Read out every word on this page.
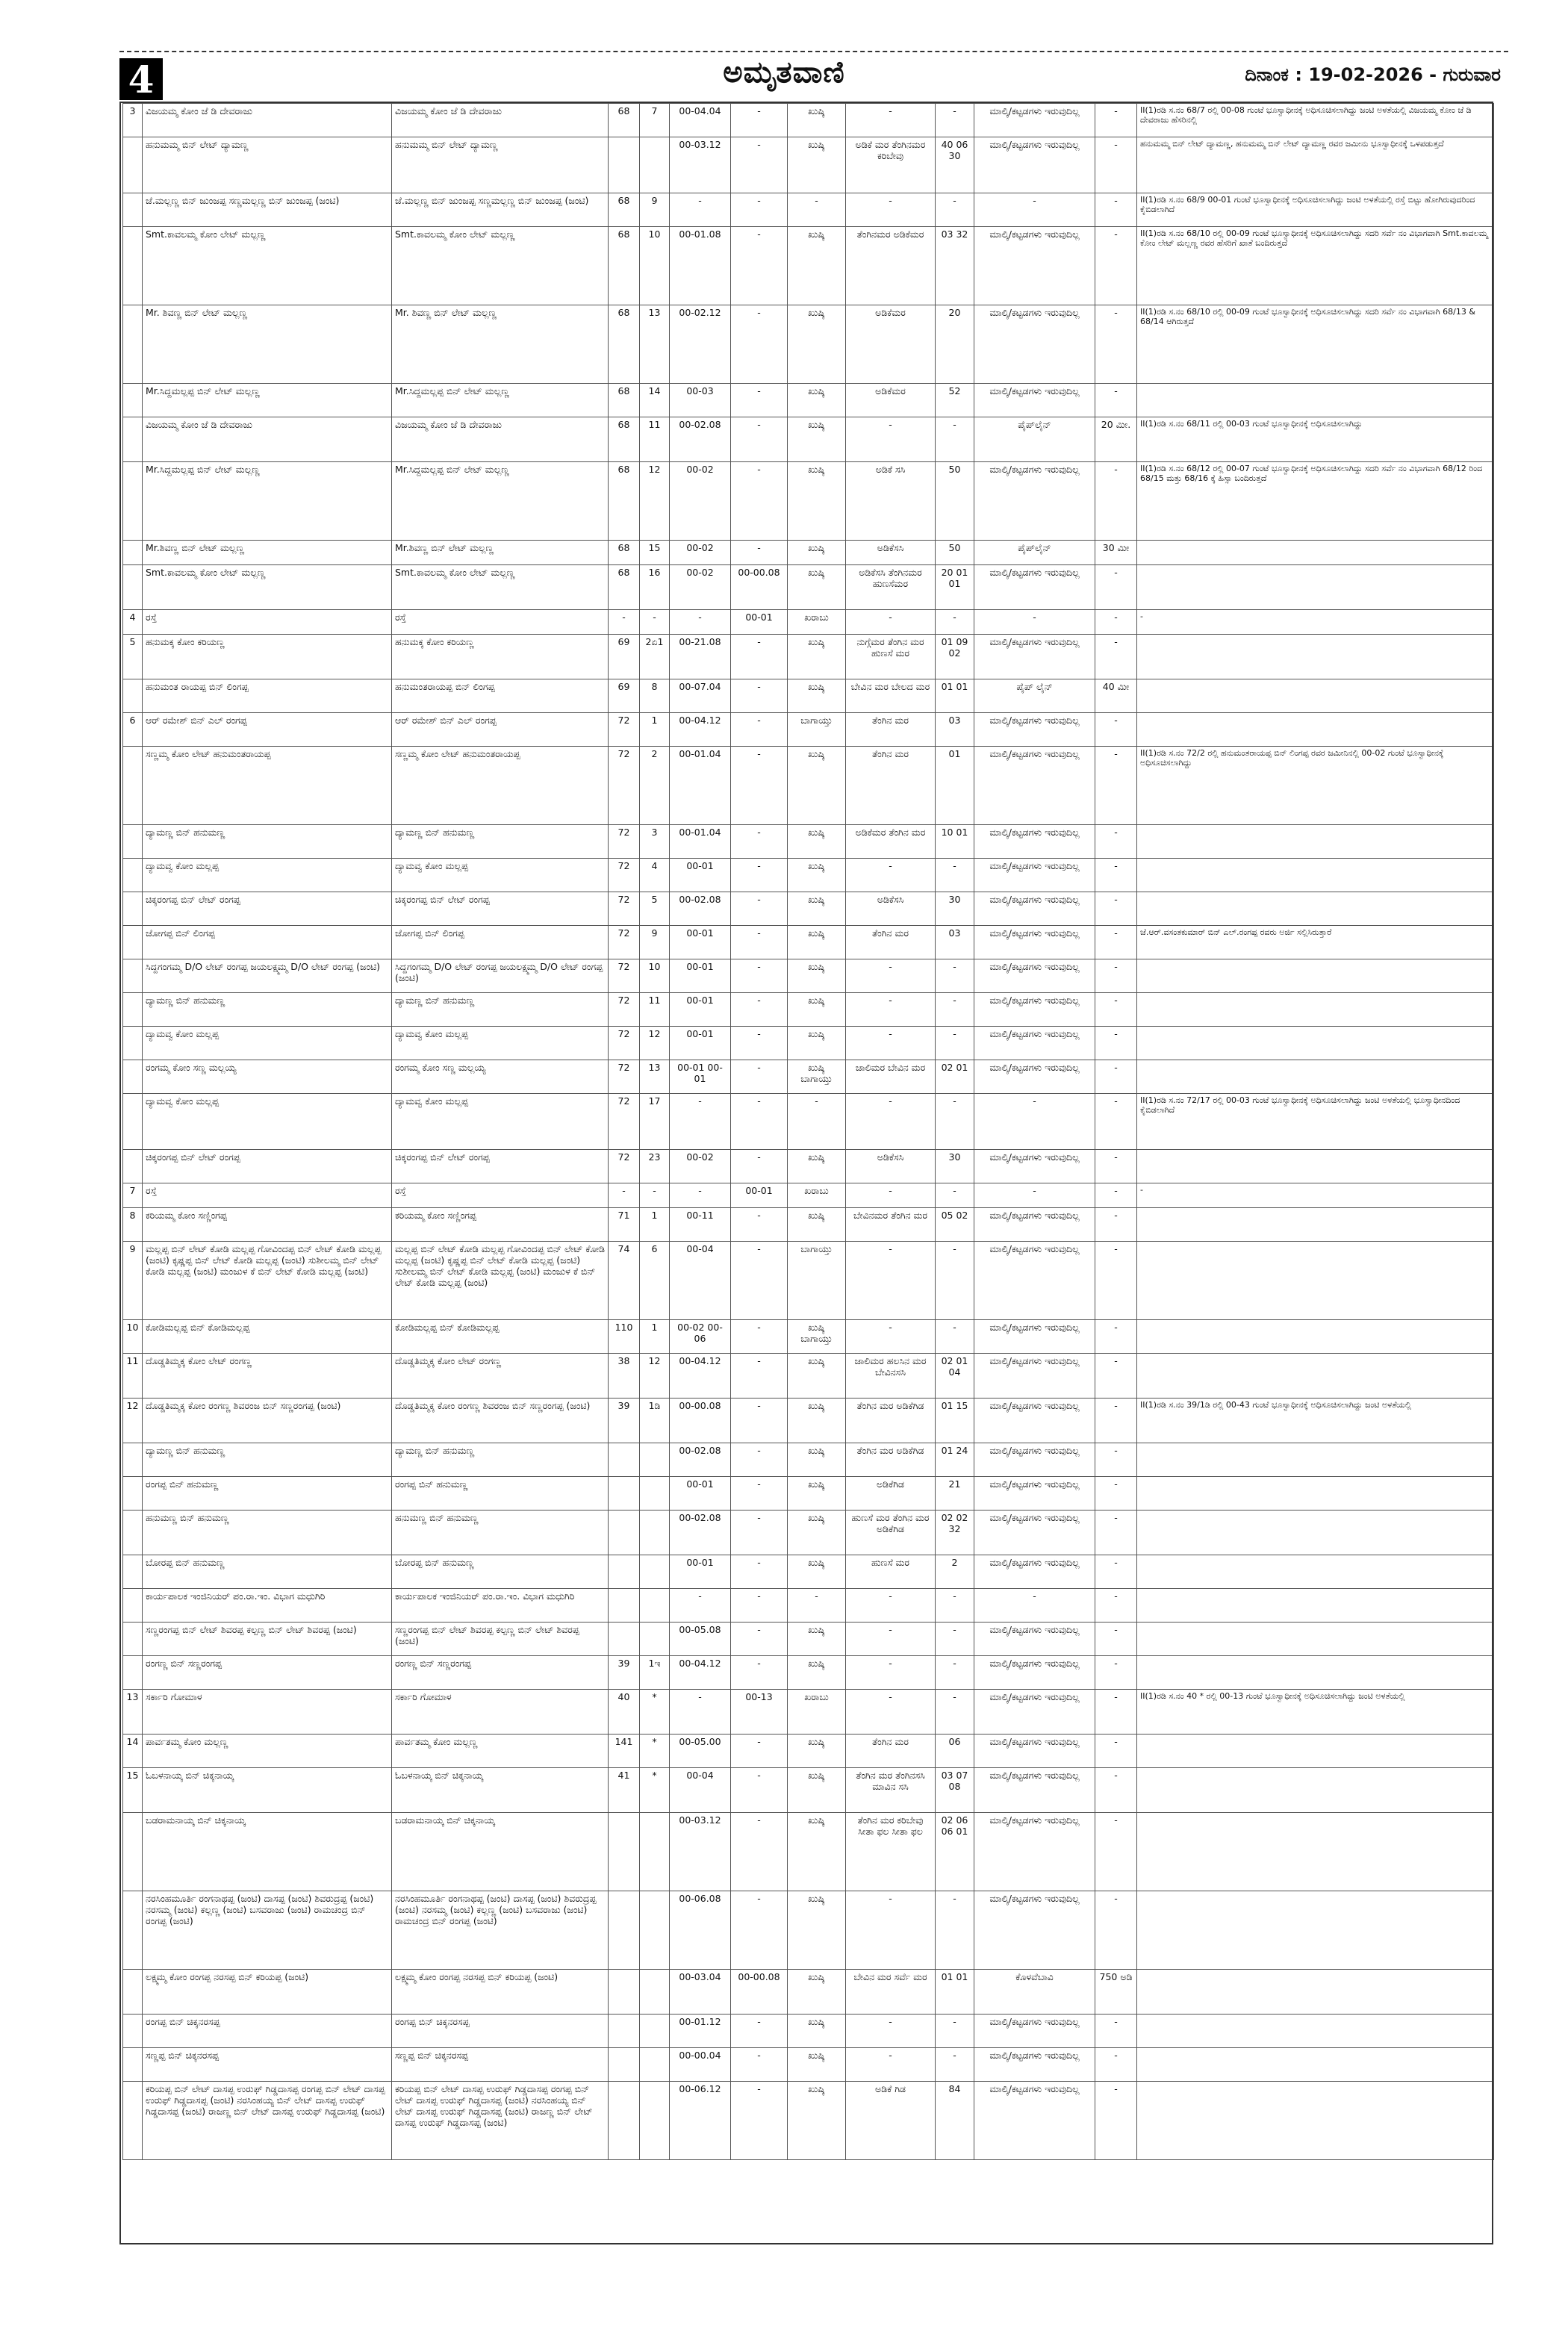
4	ಅಮೃತವಾಣಿ	ದಿನಾಂಕ : 19-02-2026 - ಗುರುವಾರ
3	ವಿಜಯಮ್ಮ ಕೋಂ ಜೆ ಡಿ ದೇವರಾಜು	ವಿಜಯಮ್ಮ ಕೋಂ ಜೆ ಡಿ ದೇವರಾಜು	68	7	00-04.04	-	ಖುಷ್ಕಿ	-	-	ಮಾಲ್ಕಿ/ಕಟ್ಟಡಗಳು ಇರುವುದಿಲ್ಲ	-	II(1)ರಡಿ ಸ.ನಂ 68/7 ರಲ್ಲಿ 00-08 ಗುಂಟೆ ಭೂಸ್ವಾಧೀನಕ್ಕೆ ಅಧಿಸೂಚಿಸಲಾಗಿದ್ದು ಜಂಟಿ ಅಳತೆಯಲ್ಲಿ ವಿಜಯಮ್ಮ ಕೋಂ ಜೆ ಡಿ ದೇವರಾಜು ಹೆಸರಿನಲ್ಲಿ
	ಹನುಮಮ್ಮ ಬಿನ್ ಲೇಟ್ ದ್ಯಾಮಣ್ಣ	ಹನುಮಮ್ಮ ಬಿನ್ ಲೇಟ್ ದ್ಯಾಮಣ್ಣ			00-03.12	-	ಖುಷ್ಕಿ	ಅಡಿಕೆ ಮರ ತೆಂಗಿನಮರ ಕರಿಬೇವು	40 06 30	ಮಾಲ್ಕಿ/ಕಟ್ಟಡಗಳು ಇರುವುದಿಲ್ಲ	-	ಹನುಮಮ್ಮ ಬಿನ್ ಲೇಟ್ ದ್ಯಾಮಣ್ಣ, ಹನುಮಮ್ಮ ಬಿನ್ ಲೇಟ್ ದ್ಯಾಮಣ್ಣ ರವರ ಜಮೀನು ಭೂಸ್ವಾಧೀನಕ್ಕೆ ಒಳಪಡುತ್ತದೆ
	ಜೆ.ಮಲ್ಲಣ್ಣ ಬಿನ್ ಜುಂಜಪ್ಪ ಸಣ್ಣಮಲ್ಲಣ್ಣ ಬಿನ್ ಜುಂಜಪ್ಪ (ಜಂಟಿ)	ಜೆ.ಮಲ್ಲಣ್ಣ ಬಿನ್ ಜುಂಜಪ್ಪ ಸಣ್ಣಮಲ್ಲಣ್ಣ ಬಿನ್ ಜುಂಜಪ್ಪ (ಜಂಟಿ)	68	9	-	-	-	-	-	-	-	II(1)ರಡಿ ಸ.ನಂ 68/9 00-01 ಗುಂಟೆ ಭೂಸ್ವಾಧೀನಕ್ಕೆ ಅಧಿಸೂಚಿಸಲಾಗಿದ್ದು ಜಂಟಿ ಅಳತೆಯಲ್ಲಿ ರಸ್ತೆ ಬಿಟ್ಟು ಹೋಗಿರುವುದರಿಂದ ಕೈಬಿಡಲಾಗಿದೆ
	Smt.ಕಾವಲಮ್ಮ ಕೋಂ ಲೇಟ್ ಮಲ್ಲಣ್ಣ	Smt.ಕಾವಲಮ್ಮ ಕೋಂ ಲೇಟ್ ಮಲ್ಲಣ್ಣ	68	10	00-01.08	-	ಖುಷ್ಕಿ	ತೆಂಗಿನಮರ ಅಡಿಕೆಮರ	03 32	ಮಾಲ್ಕಿ/ಕಟ್ಟಡಗಳು ಇರುವುದಿಲ್ಲ	-	II(1)ರಡಿ ಸ.ನಂ 68/10 ರಲ್ಲಿ 00-09 ಗುಂಟೆ ಭೂಸ್ವಾಧೀನಕ್ಕೆ ಅಧಿಸೂಚಿಸಲಾಗಿದ್ದು ಸದರಿ ಸರ್ವೆ ನಂ ವಿಭಾಗವಾಗಿ Smt.ಕಾವಲಮ್ಮ ಕೋಂ ಲೇಟ್ ಮಲ್ಲಣ್ಣ ರವರ ಹೆಸರಿಗೆ ಖಾತೆ ಬಂದಿರುತ್ತದೆ
	Mr. ಶಿವಣ್ಣ ಬಿನ್ ಲೇಟ್ ಮಲ್ಲಣ್ಣ	Mr. ಶಿವಣ್ಣ ಬಿನ್ ಲೇಟ್ ಮಲ್ಲಣ್ಣ	68	13	00-02.12	-	ಖುಷ್ಕಿ	ಅಡಿಕೆಮರ	20	ಮಾಲ್ಕಿ/ಕಟ್ಟಡಗಳು ಇರುವುದಿಲ್ಲ	-	II(1)ರಡಿ ಸ.ನಂ 68/10 ರಲ್ಲಿ 00-09 ಗುಂಟೆ ಭೂಸ್ವಾಧೀನಕ್ಕೆ ಅಧಿಸೂಚಿಸಲಾಗಿದ್ದು ಸದರಿ ಸರ್ವೆ ನಂ ವಿಭಾಗವಾಗಿ 68/13 & 68/14 ಆಗಿರುತ್ತದೆ
	Mr.ಸಿದ್ದಮಲ್ಲಪ್ಪ ಬಿನ್ ಲೇಟ್ ಮಲ್ಲಣ್ಣ	Mr.ಸಿದ್ದಮಲ್ಲಪ್ಪ ಬಿನ್ ಲೇಟ್ ಮಲ್ಲಣ್ಣ	68	14	00-03	-	ಖುಷ್ಕಿ	ಅಡಿಕೆಮರ	52	ಮಾಲ್ಕಿ/ಕಟ್ಟಡಗಳು ಇರುವುದಿಲ್ಲ	-	
	ವಿಜಯಮ್ಮ ಕೋಂ ಜೆ ಡಿ ದೇವರಾಜು	ವಿಜಯಮ್ಮ ಕೋಂ ಜೆ ಡಿ ದೇವರಾಜು	68	11	00-02.08	-	ಖುಷ್ಕಿ	-	-	ಪೈಪ್‌ಲೈನ್	20 ಮೀ.	II(1)ರಡಿ ಸ.ನಂ 68/11 ರಲ್ಲಿ 00-03 ಗುಂಟೆ ಭೂಸ್ವಾಧೀನಕ್ಕೆ ಅಧಿಸೂಚಿಸಲಾಗಿದ್ದು
	Mr.ಸಿದ್ದಮಲ್ಲಪ್ಪ ಬಿನ್ ಲೇಟ್ ಮಲ್ಲಣ್ಣ	Mr.ಸಿದ್ದಮಲ್ಲಪ್ಪ ಬಿನ್ ಲೇಟ್ ಮಲ್ಲಣ್ಣ	68	12	00-02	-	ಖುಷ್ಕಿ	ಅಡಿಕೆ ಸಸಿ	50	ಮಾಲ್ಕಿ/ಕಟ್ಟಡಗಳು ಇರುವುದಿಲ್ಲ	-	II(1)ರಡಿ ಸ.ನಂ 68/12 ರಲ್ಲಿ 00-07 ಗುಂಟೆ ಭೂಸ್ವಾಧೀನಕ್ಕೆ ಅಧಿಸೂಚಿಸಲಾಗಿದ್ದು ಸದರಿ ಸರ್ವೆ ನಂ ವಿಭಾಗವಾಗಿ 68/12 ರಿಂದ 68/15 ಮತ್ತು 68/16 ಕ್ಕೆ ಹಿಸ್ಸಾ ಬಂದಿರುತ್ತದೆ
	Mr.ಶಿವಣ್ಣ ಬಿನ್ ಲೇಟ್ ಮಲ್ಲಣ್ಣ	Mr.ಶಿವಣ್ಣ ಬಿನ್ ಲೇಟ್ ಮಲ್ಲಣ್ಣ	68	15	00-02	-	ಖುಷ್ಕಿ	ಅಡಿಕೆಸಸಿ	50	ಪೈಪ್‌ಲೈನ್	30 ಮೀ	
	Smt.ಕಾವಲಮ್ಮ ಕೋಂ ಲೇಟ್ ಮಲ್ಲಣ್ಣ	Smt.ಕಾವಲಮ್ಮ ಕೋಂ ಲೇಟ್ ಮಲ್ಲಣ್ಣ	68	16	00-02	00-00.08	ಖುಷ್ಕಿ	ಅಡಿಕೆಸಸಿ ತೆಂಗಿನಮರ ಹುಣಸೆಮರ	20 01 01	ಮಾಲ್ಕಿ/ಕಟ್ಟಡಗಳು ಇರುವುದಿಲ್ಲ	-	
4	ರಸ್ತೆ	ರಸ್ತೆ	-	-	-	00-01	ಖರಾಬು	-	-	-	-	-
5	ಹನುಮಕ್ಕ ಕೋಂ ಕರಿಯಣ್ಣ	ಹನುಮಕ್ಕ ಕೋಂ ಕರಿಯಣ್ಣ	69	2ಏ1	00-21.08	-	ಖುಷ್ಕಿ	ನುಗ್ಗೆಮರ ತೆಂಗಿನ ಮರ ಹುಣಸೆ ಮರ	01 09 02	ಮಾಲ್ಕಿ/ಕಟ್ಟಡಗಳು ಇರುವುದಿಲ್ಲ	-	
	ಹನುಮಂತ ರಾಯಪ್ಪ ಬಿನ್ ಲಿಂಗಪ್ಪ	ಹನುಮಂತರಾಯಪ್ಪ ಬಿನ್ ಲಿಂಗಪ್ಪ	69	8	00-07.04	-	ಖುಷ್ಕಿ	ಬೇವಿನ ಮರ ಬೇಲದ ಮರ	01 01	ಪೈಪ್ ಲೈನ್	40 ಮೀ	
6	ಆರ್ ರಮೇಶ್ ಬಿನ್ ಎಲ್ ರಂಗಪ್ಪ	ಆರ್ ರಮೇಶ್ ಬಿನ್ ಎಲ್ ರಂಗಪ್ಪ	72	1	00-04.12	-	ಬಾಗಾಯ್ತು	ತೆಂಗಿನ ಮರ	03	ಮಾಲ್ಕಿ/ಕಟ್ಟಡಗಳು ಇರುವುದಿಲ್ಲ	-	
	ಸಣ್ಣಮ್ಮ ಕೋಂ ಲೇಟ್ ಹನುಮಂತರಾಯಪ್ಪ	ಸಣ್ಣಮ್ಮ ಕೋಂ ಲೇಟ್ ಹನುಮಂತರಾಯಪ್ಪ	72	2	00-01.04	-	ಖುಷ್ಕಿ	ತೆಂಗಿನ ಮರ	01	ಮಾಲ್ಕಿ/ಕಟ್ಟಡಗಳು ಇರುವುದಿಲ್ಲ	-	II(1)ರಡಿ ಸ.ನಂ 72/2 ರಲ್ಲಿ ಹನುಮಂತರಾಯಪ್ಪ ಬಿನ್ ಲಿಂಗಪ್ಪ ರವರ ಜಮೀನಿನಲ್ಲಿ 00-02 ಗುಂಟೆ ಭೂಸ್ವಾಧೀನಕ್ಕೆ ಅಧಿಸೂಚಿಸಲಾಗಿದ್ದು
	ದ್ಯಾಮಣ್ಣ ಬಿನ್ ಹನುಮಣ್ಣ	ದ್ಯಾಮಣ್ಣ ಬಿನ್ ಹನುಮಣ್ಣ	72	3	00-01.04	-	ಖುಷ್ಕಿ	ಅಡಿಕೆಮರ ತೆಂಗಿನ ಮರ	10 01	ಮಾಲ್ಕಿ/ಕಟ್ಟಡಗಳು ಇರುವುದಿಲ್ಲ	-	
	ದ್ಯಾಮವ್ವ ಕೋಂ ಮಲ್ಲಪ್ಪ	ದ್ಯಾಮವ್ವ ಕೋಂ ಮಲ್ಲಪ್ಪ	72	4	00-01	-	ಖುಷ್ಕಿ	-	-	ಮಾಲ್ಕಿ/ಕಟ್ಟಡಗಳು ಇರುವುದಿಲ್ಲ	-	
	ಚಿಕ್ಕರಂಗಪ್ಪ ಬಿನ್ ಲೇಟ್ ರಂಗಪ್ಪ	ಚಿಕ್ಕರಂಗಪ್ಪ ಬಿನ್ ಲೇಟ್ ರಂಗಪ್ಪ	72	5	00-02.08	-	ಖುಷ್ಕಿ	ಅಡಿಕೆಸಸಿ	30	ಮಾಲ್ಕಿ/ಕಟ್ಟಡಗಳು ಇರುವುದಿಲ್ಲ	-	
	ಜೋಗಪ್ಪ ಬಿನ್ ಲಿಂಗಪ್ಪ	ಜೋಗಪ್ಪ ಬಿನ್ ಲಿಂಗಪ್ಪ	72	9	00-01	-	ಖುಷ್ಕಿ	ತೆಂಗಿನ ಮರ	03	ಮಾಲ್ಕಿ/ಕಟ್ಟಡಗಳು ಇರುವುದಿಲ್ಲ	-	ಜೆ.ಆರ್.ವಸಂತಕುಮಾರ್ ಬಿನ್ ಎಲ್.ರಂಗಪ್ಪ ರವರು ಅರ್ಜಿ ಸಲ್ಲಿಸಿರುತ್ತಾರೆ
	ಸಿದ್ದಗಂಗಮ್ಮ D/O ಲೇಟ್ ರಂಗಪ್ಪ ಜಯಲಕ್ಷ್ಮಮ್ಮ D/O ಲೇಟ್ ರಂಗಪ್ಪ (ಜಂಟಿ)	ಸಿದ್ದಗಂಗಮ್ಮ D/O ಲೇಟ್ ರಂಗಪ್ಪ ಜಯಲಕ್ಷ್ಮಮ್ಮ D/O ಲೇಟ್ ರಂಗಪ್ಪ (ಜಂಟಿ)	72	10	00-01	-	ಖುಷ್ಕಿ	-	-	ಮಾಲ್ಕಿ/ಕಟ್ಟಡಗಳು ಇರುವುದಿಲ್ಲ	-	
	ದ್ಯಾಮಣ್ಣ ಬಿನ್ ಹನುಮಣ್ಣ	ದ್ಯಾಮಣ್ಣ ಬಿನ್ ಹನುಮಣ್ಣ	72	11	00-01	-	ಖುಷ್ಕಿ	-	-	ಮಾಲ್ಕಿ/ಕಟ್ಟಡಗಳು ಇರುವುದಿಲ್ಲ	-	
	ದ್ಯಾಮವ್ವ ಕೋಂ ಮಲ್ಲಪ್ಪ	ದ್ಯಾಮವ್ವ ಕೋಂ ಮಲ್ಲಪ್ಪ	72	12	00-01	-	ಖುಷ್ಕಿ	-	-	ಮಾಲ್ಕಿ/ಕಟ್ಟಡಗಳು ಇರುವುದಿಲ್ಲ	-	
	ರಂಗಮ್ಮ ಕೋಂ ಸಣ್ಣ ಮಲ್ಲಯ್ಯ	ರಂಗಮ್ಮ ಕೋಂ ಸಣ್ಣ ಮಲ್ಲಯ್ಯ	72	13	00-01 00-01	-	ಖುಷ್ಕಿ ಬಾಗಾಯ್ತು	ಜಾಲಿಮರ ಬೇವಿನ ಮರ	02 01	ಮಾಲ್ಕಿ/ಕಟ್ಟಡಗಳು ಇರುವುದಿಲ್ಲ	-	
	ದ್ಯಾಮವ್ವ ಕೋಂ ಮಲ್ಲಪ್ಪ	ದ್ಯಾಮವ್ವ ಕೋಂ ಮಲ್ಲಪ್ಪ	72	17	-	-	-	-	-	-	-	II(1)ರಡಿ ಸ.ನಂ 72/17 ರಲ್ಲಿ 00-03 ಗುಂಟೆ ಭೂಸ್ವಾಧೀನಕ್ಕೆ ಅಧಿಸೂಚಿಸಲಾಗಿದ್ದು ಜಂಟಿ ಅಳತೆಯಲ್ಲಿ ಭೂಸ್ವಾಧೀನದಿಂದ ಕೈಬಿಡಲಾಗಿದೆ
	ಚಿಕ್ಕರಂಗಪ್ಪ ಬಿನ್ ಲೇಟ್ ರಂಗಪ್ಪ	ಚಿಕ್ಕರಂಗಪ್ಪ ಬಿನ್ ಲೇಟ್ ರಂಗಪ್ಪ	72	23	00-02	-	ಖುಷ್ಕಿ	ಅಡಿಕೆಸಸಿ	30	ಮಾಲ್ಕಿ/ಕಟ್ಟಡಗಳು ಇರುವುದಿಲ್ಲ	-	
7	ರಸ್ತೆ	ರಸ್ತೆ	-	-	-	00-01	ಖರಾಬು	-	-	-	-	-
8	ಕರಿಯಮ್ಮ ಕೋಂ ಸಣ್ಣಿಂಗಪ್ಪ	ಕರಿಯಮ್ಮ ಕೋಂ ಸಣ್ಣಿಂಗಪ್ಪ	71	1	00-11	-	ಖುಷ್ಕಿ	ಬೇವಿನಮರ ತೆಂಗಿನ ಮರ	05 02	ಮಾಲ್ಕಿ/ಕಟ್ಟಡಗಳು ಇರುವುದಿಲ್ಲ	-	
9	ಮಲ್ಲಪ್ಪ ಬಿನ್ ಲೇಟ್ ಕೋಡಿ ಮಲ್ಲಪ್ಪ ಗೋವಿಂದಪ್ಪ ಬಿನ್ ಲೇಟ್ ಕೋಡಿ ಮಲ್ಲಪ್ಪ (ಜಂಟಿ) ಕೃಷ್ಣಪ್ಪ ಬಿನ್ ಲೇಟ್ ಕೋಡಿ ಮಲ್ಲಪ್ಪ (ಜಂಟಿ) ಸುಶೀಲಮ್ಮ ಬಿನ್ ಲೇಟ್ ಕೋಡಿ ಮಲ್ಲಪ್ಪ (ಜಂಟಿ) ಮಂಜುಳ ಕೆ ಬಿನ್ ಲೇಟ್ ಕೋಡಿ ಮಲ್ಲಪ್ಪ (ಜಂಟಿ)	ಮಲ್ಲಪ್ಪ ಬಿನ್ ಲೇಟ್ ಕೋಡಿ ಮಲ್ಲಪ್ಪ ಗೋವಿಂದಪ್ಪ ಬಿನ್ ಲೇಟ್ ಕೋಡಿ ಮಲ್ಲಪ್ಪ (ಜಂಟಿ) ಕೃಷ್ಣಪ್ಪ ಬಿನ್ ಲೇಟ್ ಕೋಡಿ ಮಲ್ಲಪ್ಪ (ಜಂಟಿ) ಸುಶೀಲಮ್ಮ ಬಿನ್ ಲೇಟ್ ಕೋಡಿ ಮಲ್ಲಪ್ಪ (ಜಂಟಿ) ಮಂಜುಳ ಕೆ ಬಿನ್ ಲೇಟ್ ಕೋಡಿ ಮಲ್ಲಪ್ಪ (ಜಂಟಿ)	74	6	00-04	-	ಬಾಗಾಯ್ತು	-	-	ಮಾಲ್ಕಿ/ಕಟ್ಟಡಗಳು ಇರುವುದಿಲ್ಲ	-	
10	ಕೋಡಿಮಲ್ಲಪ್ಪ ಬಿನ್ ಕೋಡಿಮಲ್ಲಪ್ಪ	ಕೋಡಿಮಲ್ಲಪ್ಪ ಬಿನ್ ಕೋಡಿಮಲ್ಲಪ್ಪ	110	1	00-02 00-06	-	ಖುಷ್ಕಿ ಬಾಗಾಯ್ತು	-	-	ಮಾಲ್ಕಿ/ಕಟ್ಟಡಗಳು ಇರುವುದಿಲ್ಲ	-	
11	ದೊಡ್ಡತಿಮ್ಮಕ್ಕ ಕೋಂ ಲೇಟ್ ರಂಗಣ್ಣ	ದೊಡ್ಡತಿಮ್ಮಕ್ಕ ಕೋಂ ಲೇಟ್ ರಂಗಣ್ಣ	38	12	00-04.12	-	ಖುಷ್ಕಿ	ಜಾಲಿಮರ ಹಲಸಿನ ಮರ ಬೇವಿನಸಸಿ	02 01 04	ಮಾಲ್ಕಿ/ಕಟ್ಟಡಗಳು ಇರುವುದಿಲ್ಲ	-	
12	ದೊಡ್ಡತಿಮ್ಮಕ್ಕ ಕೋಂ ರಂಗಣ್ಣ ಶಿವರಂಜ ಬಿನ್ ಸಣ್ಣರಂಗಪ್ಪ (ಜಂಟಿ)	ದೊಡ್ಡತಿಮ್ಮಕ್ಕ ಕೋಂ ರಂಗಣ್ಣ ಶಿವರಂಜ ಬಿನ್ ಸಣ್ಣರಂಗಪ್ಪ (ಜಂಟಿ)	39	1ಡಿ	00-00.08	-	ಖುಷ್ಕಿ	ತೆಂಗಿನ ಮರ ಅಡಿಕೆಗಿಡ	01 15	ಮಾಲ್ಕಿ/ಕಟ್ಟಡಗಳು ಇರುವುದಿಲ್ಲ	-	II(1)ರಡಿ ಸ.ನಂ 39/1ಡಿ ರಲ್ಲಿ 00-43 ಗುಂಟೆ ಭೂಸ್ವಾಧೀನಕ್ಕೆ ಅಧಿಸೂಚಿಸಲಾಗಿದ್ದು ಜಂಟಿ ಅಳತೆಯಲ್ಲಿ
	ದ್ಯಾಮಣ್ಣ ಬಿನ್ ಹನುಮಣ್ಣ	ದ್ಯಾಮಣ್ಣ ಬಿನ್ ಹನುಮಣ್ಣ			00-02.08	-	ಖುಷ್ಕಿ	ತೆಂಗಿನ ಮರ ಅಡಿಕೆಗಿಡ	01 24	ಮಾಲ್ಕಿ/ಕಟ್ಟಡಗಳು ಇರುವುದಿಲ್ಲ	-	
	ರಂಗಪ್ಪ ಬಿನ್ ಹನುಮಣ್ಣ	ರಂಗಪ್ಪ ಬಿನ್ ಹನುಮಣ್ಣ			00-01	-	ಖುಷ್ಕಿ	ಅಡಿಕೆಗಿಡ	21	ಮಾಲ್ಕಿ/ಕಟ್ಟಡಗಳು ಇರುವುದಿಲ್ಲ	-	
	ಹನುಮಣ್ಣ ಬಿನ್ ಹನುಮಣ್ಣ	ಹನುಮಣ್ಣ ಬಿನ್ ಹನುಮಣ್ಣ			00-02.08	-	ಖುಷ್ಕಿ	ಹುಣಸೆ ಮರ ತೆಂಗಿನ ಮರ ಅಡಿಕೆಗಿಡ	02 02 32	ಮಾಲ್ಕಿ/ಕಟ್ಟಡಗಳು ಇರುವುದಿಲ್ಲ	-	
	ಬೋರಪ್ಪ ಬಿನ್ ಹನುಮಣ್ಣ	ಬೋರಪ್ಪ ಬಿನ್ ಹನುಮಣ್ಣ			00-01	-	ಖುಷ್ಕಿ	ಹುಣಸೆ ಮರ	2	ಮಾಲ್ಕಿ/ಕಟ್ಟಡಗಳು ಇರುವುದಿಲ್ಲ	-	
	ಕಾರ್ಯಪಾಲಕ ಇಂಜಿನಿಯರ್ ಪಂ.ರಾ.ಇಂ. ವಿಭಾಗ ಮಧುಗಿರಿ	ಕಾರ್ಯಪಾಲಕ ಇಂಜಿನಿಯರ್ ಪಂ.ರಾ.ಇಂ. ವಿಭಾಗ ಮಧುಗಿರಿ			-	-	-	-	-	-	-	
	ಸಣ್ಣರಂಗಪ್ಪ ಬಿನ್ ಲೇಟ್ ಶಿವರಪ್ಪ ಕಲ್ಪಣ್ಣ ಬಿನ್ ಲೇಟ್ ಶಿವರಪ್ಪ (ಜಂಟಿ)	ಸಣ್ಣರಂಗಪ್ಪ ಬಿನ್ ಲೇಟ್ ಶಿವರಪ್ಪ ಕಲ್ಪಣ್ಣ ಬಿನ್ ಲೇಟ್ ಶಿವರಪ್ಪ (ಜಂಟಿ)			00-05.08	-	ಖುಷ್ಕಿ	-	-	ಮಾಲ್ಕಿ/ಕಟ್ಟಡಗಳು ಇರುವುದಿಲ್ಲ	-	
	ರಂಗಣ್ಣ ಬಿನ್ ಸಣ್ಣರಂಗಪ್ಪ	ರಂಗಣ್ಣ ಬಿನ್ ಸಣ್ಣರಂಗಪ್ಪ	39	1ಇ	00-04.12	-	ಖುಷ್ಕಿ	-	-	ಮಾಲ್ಕಿ/ಕಟ್ಟಡಗಳು ಇರುವುದಿಲ್ಲ	-	
13	ಸರ್ಕಾರಿ ಗೋಮಾಳ	ಸರ್ಕಾರಿ ಗೋಮಾಳ	40	*	-	00-13	ಖರಾಬು	-	-	ಮಾಲ್ಕಿ/ಕಟ್ಟಡಗಳು ಇರುವುದಿಲ್ಲ	-	II(1)ರಡಿ ಸ.ನಂ 40 * ರಲ್ಲಿ 00-13 ಗುಂಟೆ ಭೂಸ್ವಾಧೀನಕ್ಕೆ ಅಧಿಸೂಚಿಸಲಾಗಿದ್ದು ಜಂಟಿ ಅಳತೆಯಲ್ಲಿ
14	ಪಾರ್ವತಮ್ಮ ಕೋಂ ಮಲ್ಲಣ್ಣ	ಪಾರ್ವತಮ್ಮ ಕೋಂ ಮಲ್ಲಣ್ಣ	141	*	00-05.00	-	ಖುಷ್ಕಿ	ತೆಂಗಿನ ಮರ	06	ಮಾಲ್ಕಿ/ಕಟ್ಟಡಗಳು ಇರುವುದಿಲ್ಲ	-	
15	ಓಬಳನಾಯ್ಕ ಬಿನ್ ಚಿಕ್ಕನಾಯ್ಕ	ಓಬಳನಾಯ್ಕ ಬಿನ್ ಚಿಕ್ಕನಾಯ್ಕ	41	*	00-04	-	ಖುಷ್ಕಿ	ತೆಂಗಿನ ಮರ ತೆಂಗಿನಸಸಿ ಮಾವಿನ ಸಸಿ	03 07 08	ಮಾಲ್ಕಿ/ಕಟ್ಟಡಗಳು ಇರುವುದಿಲ್ಲ	-	
	ಬಡರಾಮನಾಯ್ಕ ಬಿನ್ ಚಿಕ್ಕನಾಯ್ಕ	ಬಡರಾಮನಾಯ್ಕ ಬಿನ್ ಚಿಕ್ಕನಾಯ್ಕ			00-03.12	-	ಖುಷ್ಕಿ	ತೆಂಗಿನ ಮರ ಕರಿಬೇವು ಸೀತಾ ಫಲ ಸೀತಾ ಫಲ	02 06 06 01	ಮಾಲ್ಕಿ/ಕಟ್ಟಡಗಳು ಇರುವುದಿಲ್ಲ	-	
	ನರಸಿಂಹಮೂರ್ತಿ ರಂಗನಾಥಪ್ಪ (ಜಂಟಿ) ದಾಸಪ್ಪ (ಜಂಟಿ) ಶಿವರುದ್ರಪ್ಪ (ಜಂಟಿ) ನರಸಮ್ಮ (ಜಂಟಿ) ಕಲ್ಲಣ್ಣ (ಜಂಟಿ) ಬಸವರಾಜು (ಜಂಟಿ) ರಾಮಚಂದ್ರ ಬಿನ್ ರಂಗಪ್ಪ (ಜಂಟಿ)	ನರಸಿಂಹಮೂರ್ತಿ ರಂಗನಾಥಪ್ಪ (ಜಂಟಿ) ದಾಸಪ್ಪ (ಜಂಟಿ) ಶಿವರುದ್ರಪ್ಪ (ಜಂಟಿ) ನರಸಮ್ಮ (ಜಂಟಿ) ಕಲ್ಲಣ್ಣ (ಜಂಟಿ) ಬಸವರಾಜು (ಜಂಟಿ) ರಾಮಚಂದ್ರ ಬಿನ್ ರಂಗಪ್ಪ (ಜಂಟಿ)			00-06.08	-	ಖುಷ್ಕಿ	-	-	ಮಾಲ್ಕಿ/ಕಟ್ಟಡಗಳು ಇರುವುದಿಲ್ಲ	-	
	ಲಕ್ಷ್ಮಮ್ಮ ಕೋಂ ರಂಗಪ್ಪ ನರಸಪ್ಪ ಬಿನ್ ಕರಿಯಪ್ಪ (ಜಂಟಿ)	ಲಕ್ಷ್ಮಮ್ಮ ಕೋಂ ರಂಗಪ್ಪ ನರಸಪ್ಪ ಬಿನ್ ಕರಿಯಪ್ಪ (ಜಂಟಿ)			00-03.04	00-00.08	ಖುಷ್ಕಿ	ಬೇವಿನ ಮರ ಸರ್ವೆ ಮರ	01 01	ಕೊಳವೆಬಾವಿ	750 ಅಡಿ	
	ರಂಗಪ್ಪ ಬಿನ್ ಚಿಕ್ಕನರಸಪ್ಪ	ರಂಗಪ್ಪ ಬಿನ್ ಚಿಕ್ಕನರಸಪ್ಪ			00-01.12	-	ಖುಷ್ಕಿ	-	-	ಮಾಲ್ಕಿ/ಕಟ್ಟಡಗಳು ಇರುವುದಿಲ್ಲ	-	
	ಸಣ್ಣಪ್ಪ ಬಿನ್ ಚಿಕ್ಕನರಸಪ್ಪ	ಸಣ್ಣಪ್ಪ ಬಿನ್ ಚಿಕ್ಕನರಸಪ್ಪ			00-00.04	-	ಖುಷ್ಕಿ	-	-	ಮಾಲ್ಕಿ/ಕಟ್ಟಡಗಳು ಇರುವುದಿಲ್ಲ	-	
	ಕರಿಯಪ್ಪ ಬಿನ್ ಲೇಟ್ ದಾಸಪ್ಪ ಉರುಫ್ ಗಿಡ್ಡದಾಸಪ್ಪ ರಂಗಪ್ಪ ಬಿನ್ ಲೇಟ್ ದಾಸಪ್ಪ ಉರುಫ್ ಗಿಡ್ಡದಾಸಪ್ಪ (ಜಂಟಿ) ನರಸಿಂಹಯ್ಯ ಬಿನ್ ಲೇಟ್ ದಾಸಪ್ಪ ಉರುಫ್ ಗಿಡ್ಡದಾಸಪ್ಪ (ಜಂಟಿ) ರಾಜಣ್ಣ ಬಿನ್ ಲೇಟ್ ದಾಸಪ್ಪ ಉರುಫ್ ಗಿಡ್ಡದಾಸಪ್ಪ (ಜಂಟಿ)	ಕರಿಯಪ್ಪ ಬಿನ್ ಲೇಟ್ ದಾಸಪ್ಪ ಉರುಫ್ ಗಿಡ್ಡದಾಸಪ್ಪ ರಂಗಪ್ಪ ಬಿನ್ ಲೇಟ್ ದಾಸಪ್ಪ ಉರುಫ್ ಗಿಡ್ಡದಾಸಪ್ಪ (ಜಂಟಿ) ನರಸಿಂಹಯ್ಯ ಬಿನ್ ಲೇಟ್ ದಾಸಪ್ಪ ಉರುಫ್ ಗಿಡ್ಡದಾಸಪ್ಪ (ಜಂಟಿ) ರಾಜಣ್ಣ ಬಿನ್ ಲೇಟ್ ದಾಸಪ್ಪ ಉರುಫ್ ಗಿಡ್ಡದಾಸಪ್ಪ (ಜಂಟಿ)			00-06.12	-	ಖುಷ್ಕಿ	ಅಡಿಕೆ ಗಿಡ	84	ಮಾಲ್ಕಿ/ಕಟ್ಟಡಗಳು ಇರುವುದಿಲ್ಲ	-	
